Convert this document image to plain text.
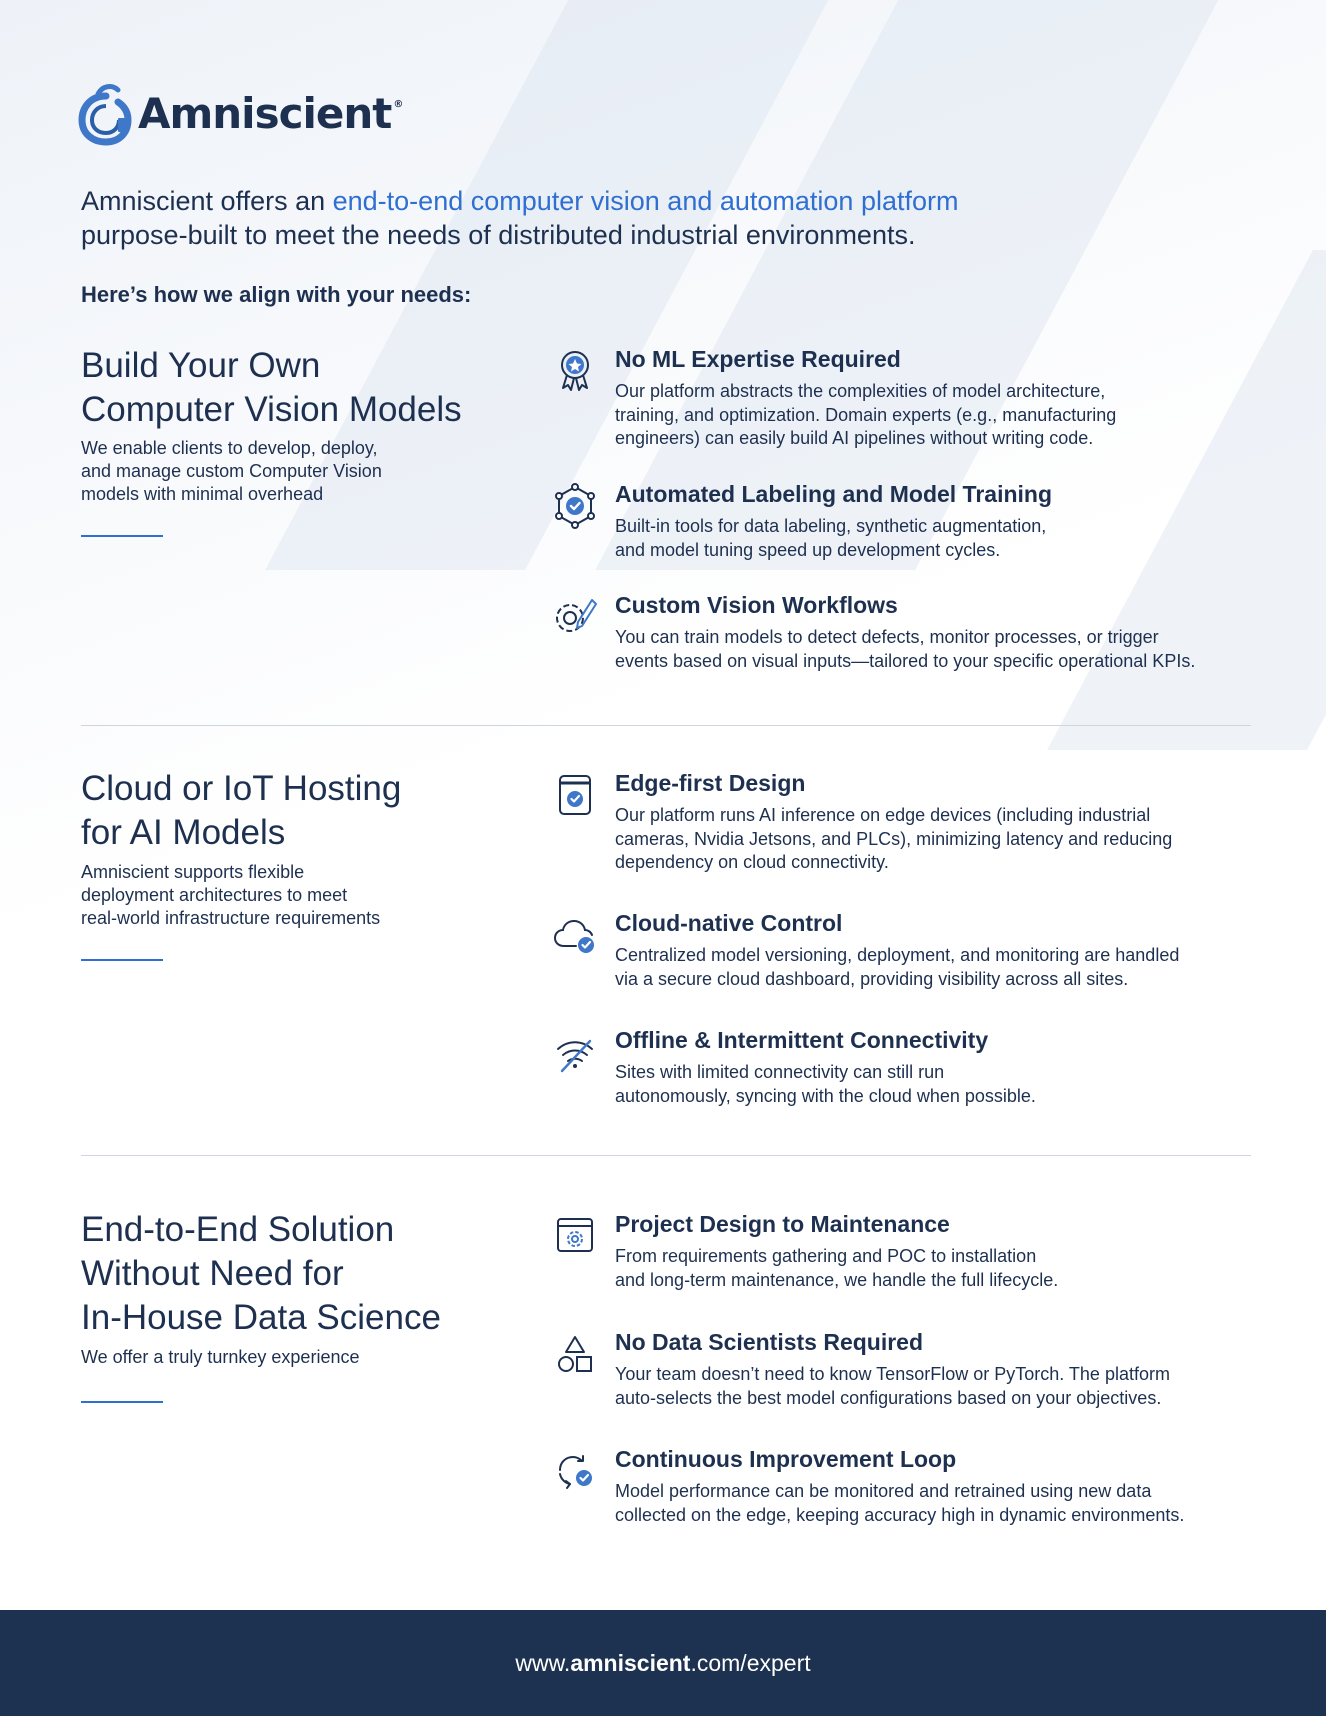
Amniscient ®
Amniscient offers an end-to-end computer vision and automation platform
purpose-built to meet the needs of distributed industrial environments.
Here’s how we align with your needs:
Build Your Own
Computer Vision Models
We enable clients to develop, deploy,
and manage custom Computer Vision
models with minimal overhead
No ML Expertise Required
Our platform abstracts the complexities of model architecture,
training, and optimization. Domain experts (e.g., manufacturing
engineers) can easily build AI pipelines without writing code.
Automated Labeling and Model Training
Built-in tools for data labeling, synthetic augmentation,
and model tuning speed up development cycles.
Custom Vision Workflows
You can train models to detect defects, monitor processes, or trigger
events based on visual inputs—tailored to your specific operational KPIs.
Cloud or IoT Hosting
for AI Models
Amniscient supports flexible
deployment architectures to meet
real-world infrastructure requirements
Edge-first Design
Our platform runs AI inference on edge devices (including industrial
cameras, Nvidia Jetsons, and PLCs), minimizing latency and reducing
dependency on cloud connectivity.
Cloud-native Control
Centralized model versioning, deployment, and monitoring are handled
via a secure cloud dashboard, providing visibility across all sites.
Offline & Intermittent Connectivity
Sites with limited connectivity can still run
autonomously, syncing with the cloud when possible.
End-to-End Solution
Without Need for
In-House Data Science
We offer a truly turnkey experience
Project Design to Maintenance
From requirements gathering and POC to installation
and long-term maintenance, we handle the full lifecycle.
No Data Scientists Required
Your team doesn’t need to know TensorFlow or PyTorch. The platform
auto-selects the best model configurations based on your objectives.
Continuous Improvement Loop
Model performance can be monitored and retrained using new data
collected on the edge, keeping accuracy high in dynamic environments.
www.amniscient.com/expert
